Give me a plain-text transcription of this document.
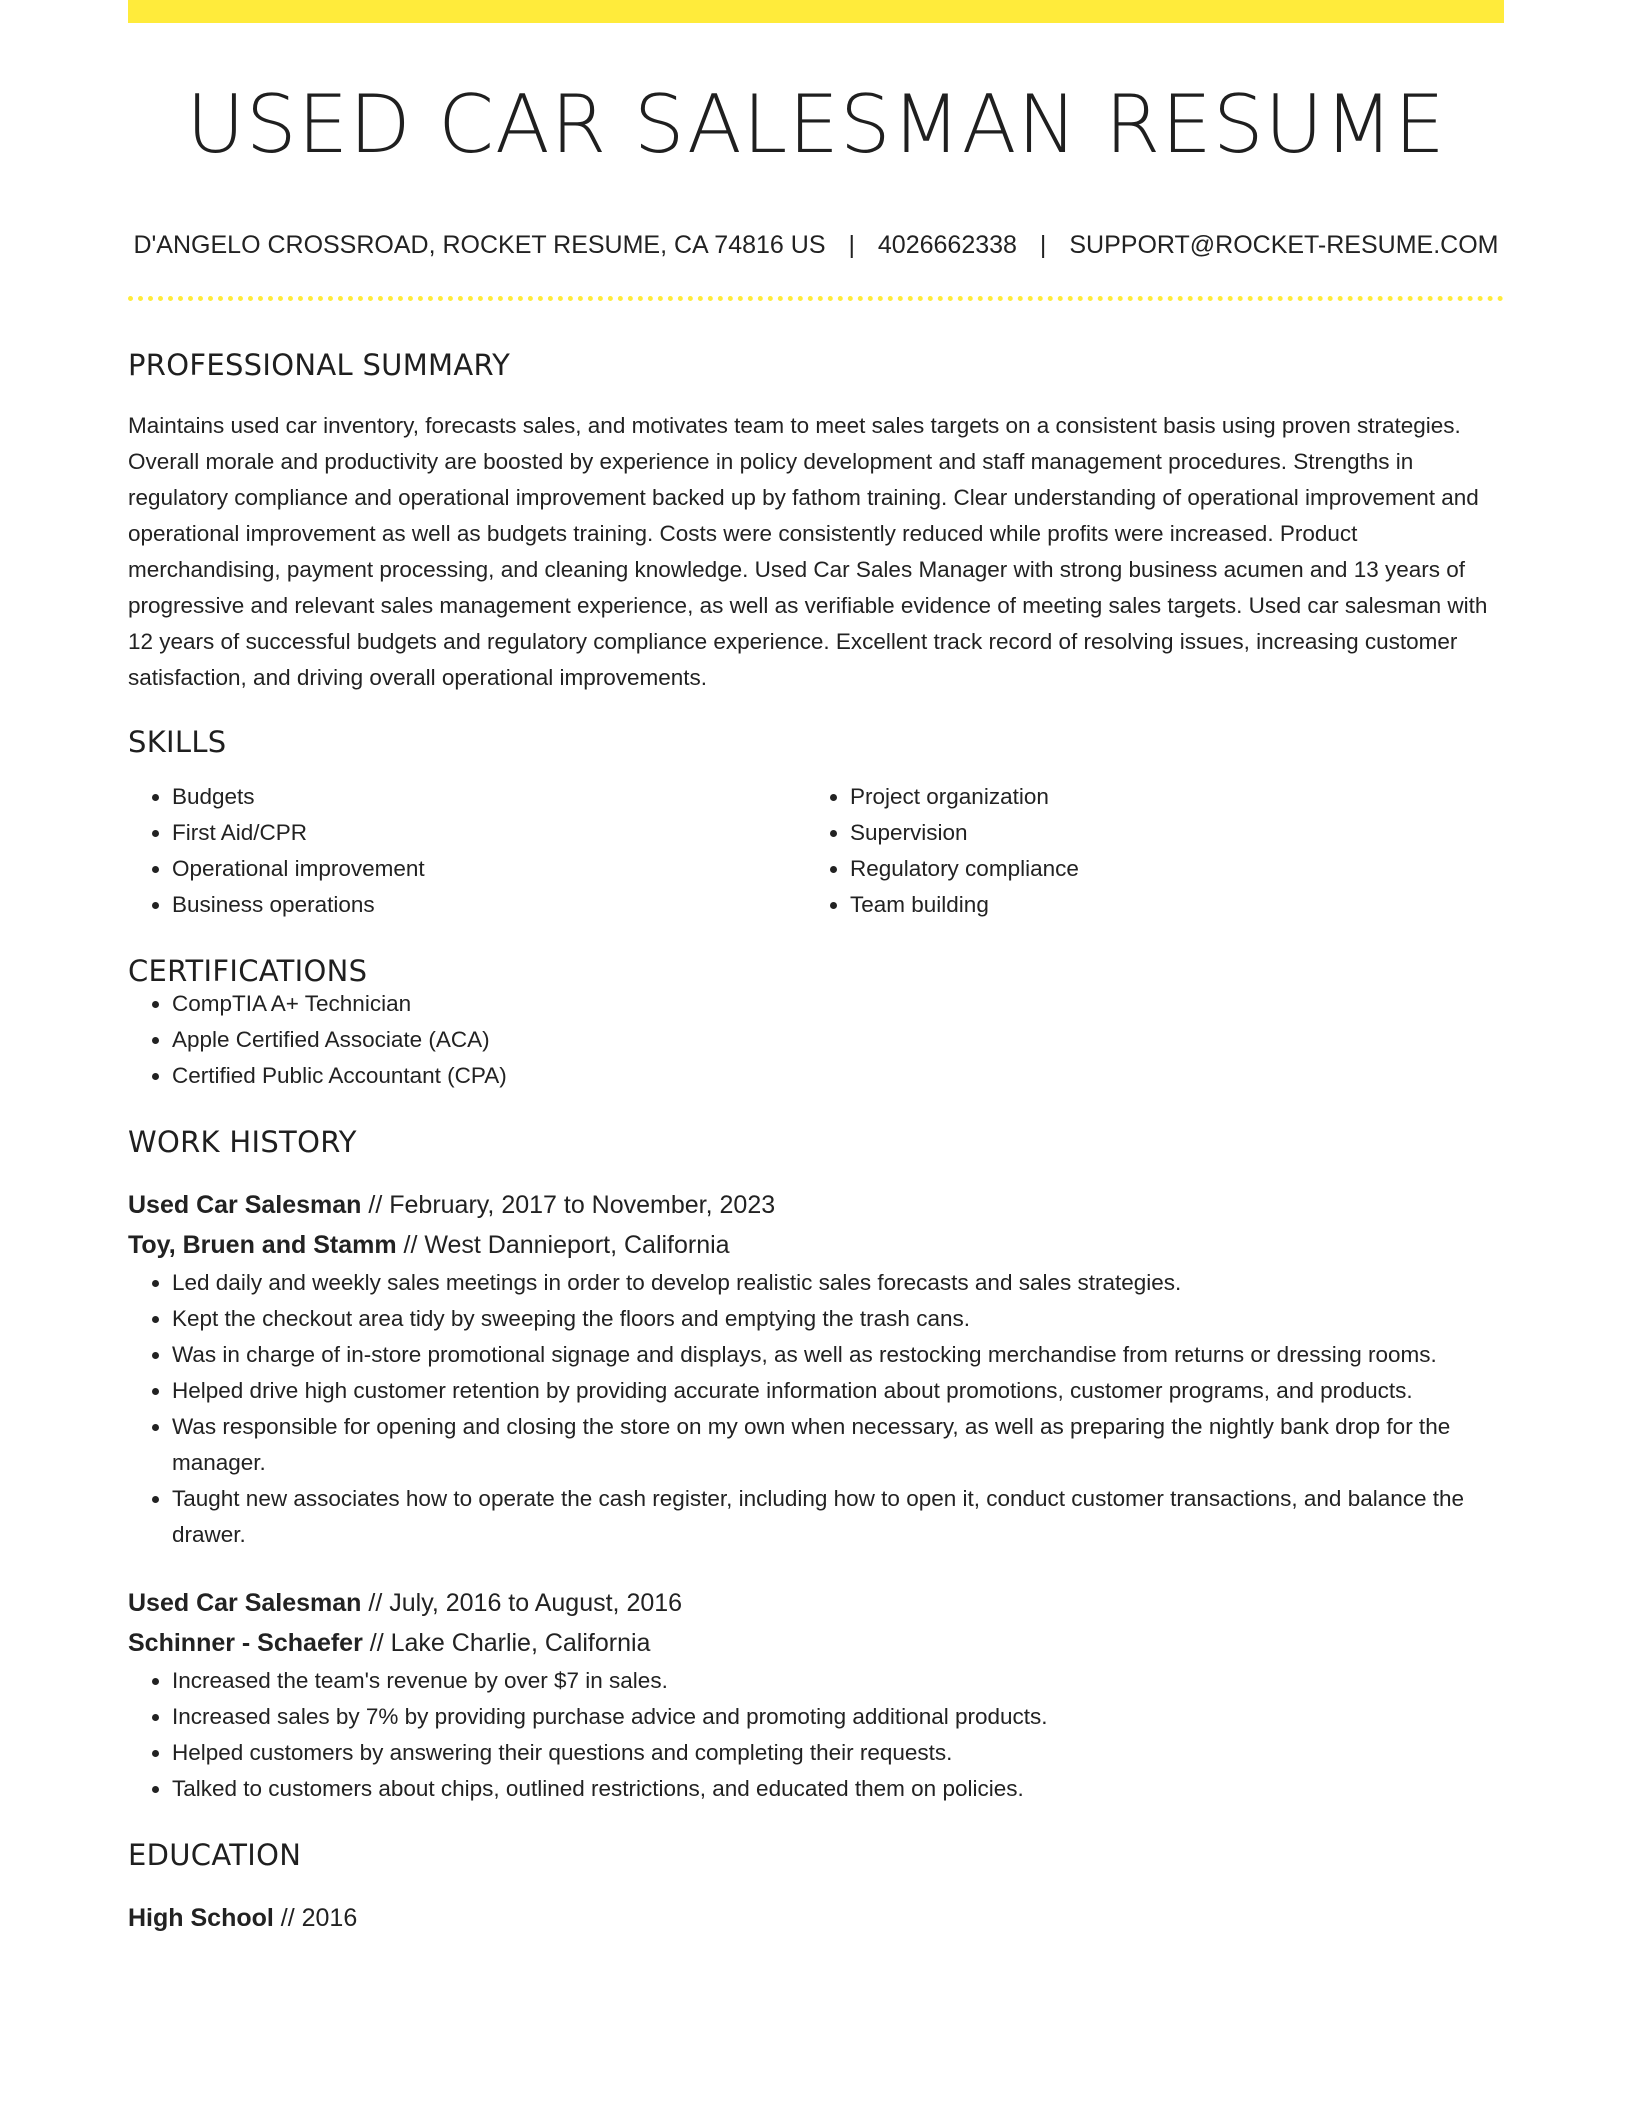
USED CAR SALESMAN RESUME
D'ANGELO CROSSROAD, ROCKET RESUME, CA 74816 US | 4026662338 | SUPPORT@ROCKET-RESUME.COM
PROFESSIONAL SUMMARY

Maintains used car inventory, forecasts sales, and motivates team to meet sales targets on a consistent basis using proven strategies. Overall morale and productivity are boosted by experience in policy development and staff management procedures. Strengths in regulatory compliance and operational improvement backed up by fathom training. Clear understanding of operational improvement and operational improvement as well as budgets training. Costs were consistently reduced while profits were increased. Product merchandising, payment processing, and cleaning knowledge. Used Car Sales Manager with strong business acumen and 13 years of progressive and relevant sales management experience, as well as verifiable evidence of meeting sales targets. Used car salesman with 12 years of successful budgets and regulatory compliance experience. Excellent track record of resolving issues, increasing customer satisfaction, and driving overall operational improvements.

SKILLS
• Budgets
• First Aid/CPR
• Operational improvement
• Business operations
• Project organization
• Supervision
• Regulatory compliance
• Team building
CERTIFICATIONS
• CompTIA A+ Technician
• Apple Certified Associate (ACA)
• Certified Public Accountant (CPA)
WORK HISTORY

Used Car Salesman // February, 2017 to November, 2023

Toy, Bruen and Stamm // West Dannieport, California

• Led daily and weekly sales meetings in order to develop realistic sales forecasts and sales strategies.
• Kept the checkout area tidy by sweeping the floors and emptying the trash cans.
• Was in charge of in-store promotional signage and displays, as well as restocking merchandise from returns or dressing rooms.
• Helped drive high customer retention by providing accurate information about promotions, customer programs, and products.
• Was responsible for opening and closing the store on my own when necessary, as well as preparing the nightly bank drop for the manager.
• Taught new associates how to operate the cash register, including how to open it, conduct customer transactions, and balance the drawer.

Used Car Salesman // July, 2016 to August, 2016

Schinner - Schaefer // Lake Charlie, California

• Increased the team's revenue by over $7 in sales.
• Increased sales by 7% by providing purchase advice and promoting additional products.
• Helped customers by answering their questions and completing their requests.
• Talked to customers about chips, outlined restrictions, and educated them on policies.
EDUCATION

High School // 2016
